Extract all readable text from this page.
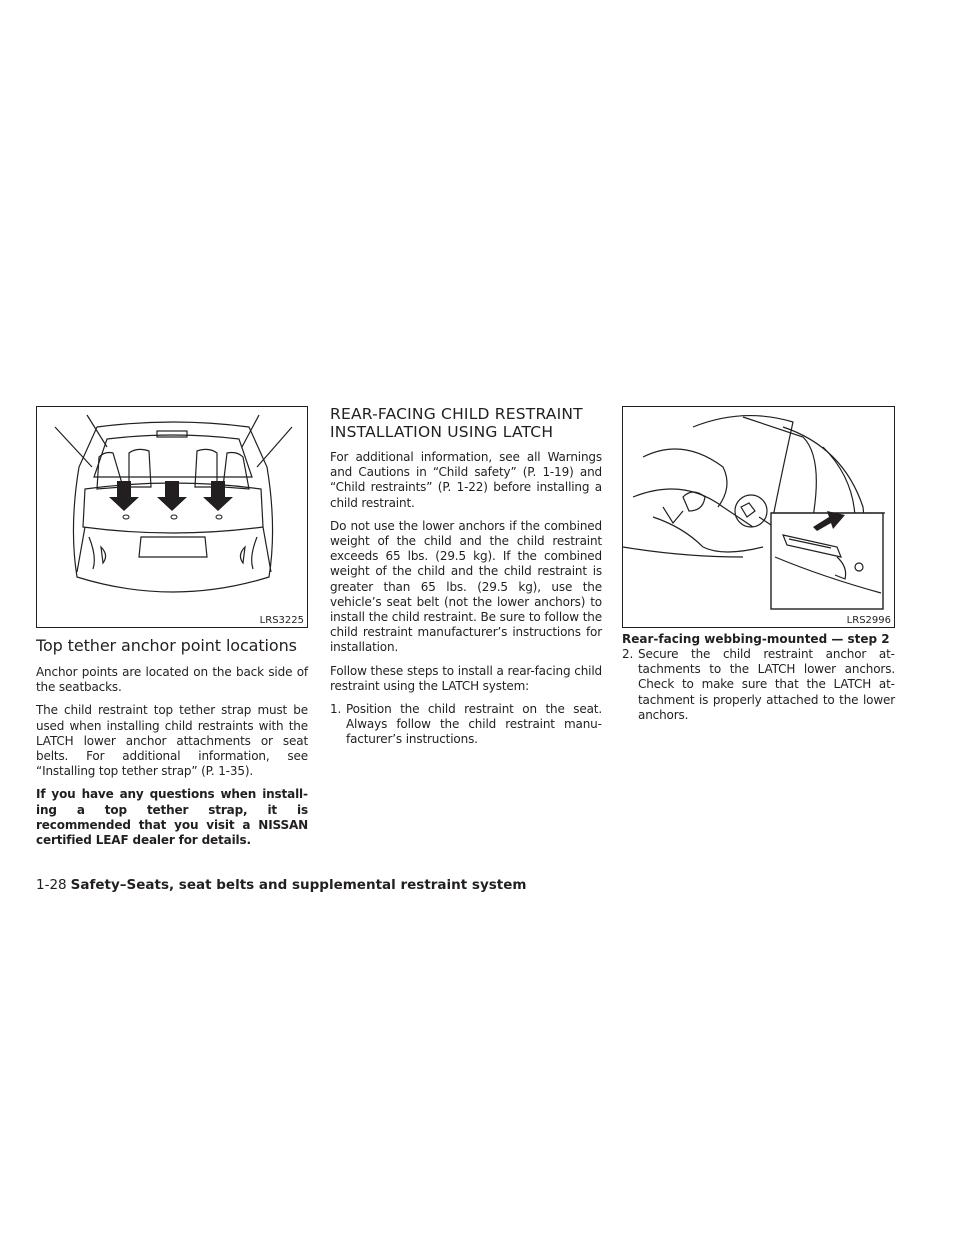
LRS3225
Top tether anchor point locations

Anchor points are located on the back side of the seatbacks.

The child restraint top tether strap must be used when installing child restraints with the LATCH lower anchor attachments or seat belts. For additional information, see “Installing top tether strap” (P. 1-35).

If you have any questions when installing a top tether strap, it is recommended that you visit a NISSAN certified LEAF dealer for details.

REAR-FACING CHILD RESTRAINT
INSTALLATION USING LATCH

For additional information, see all Warnings and Cautions in “Child safety” (P. 1-19) and “Child restraints” (P. 1-22) before installing a child restraint.

Do not use the lower anchors if the combined weight of the child and the child restraint exceeds 65 lbs. (29.5 kg). If the combined weight of the child and the child restraint is greater than 65 lbs. (29.5 kg), use the vehicle’s seat belt (not the lower anchors) to install the child restraint. Be sure to follow the child restraint manufacturer’s instructions for installation.

Follow these steps to install a rear-facing child restraint using the LATCH system:

1. Position the child restraint on the seat. Always follow the child restraint manufacturer’s instructions.
LRS2996
Rear-facing webbing-mounted — step 2
2. Secure the child restraint anchor attachments to the LATCH lower anchors. Check to make sure that the LATCH attachment is properly attached to the lower anchors.
1-28 Safety–Seats, seat belts and supplemental restraint system
